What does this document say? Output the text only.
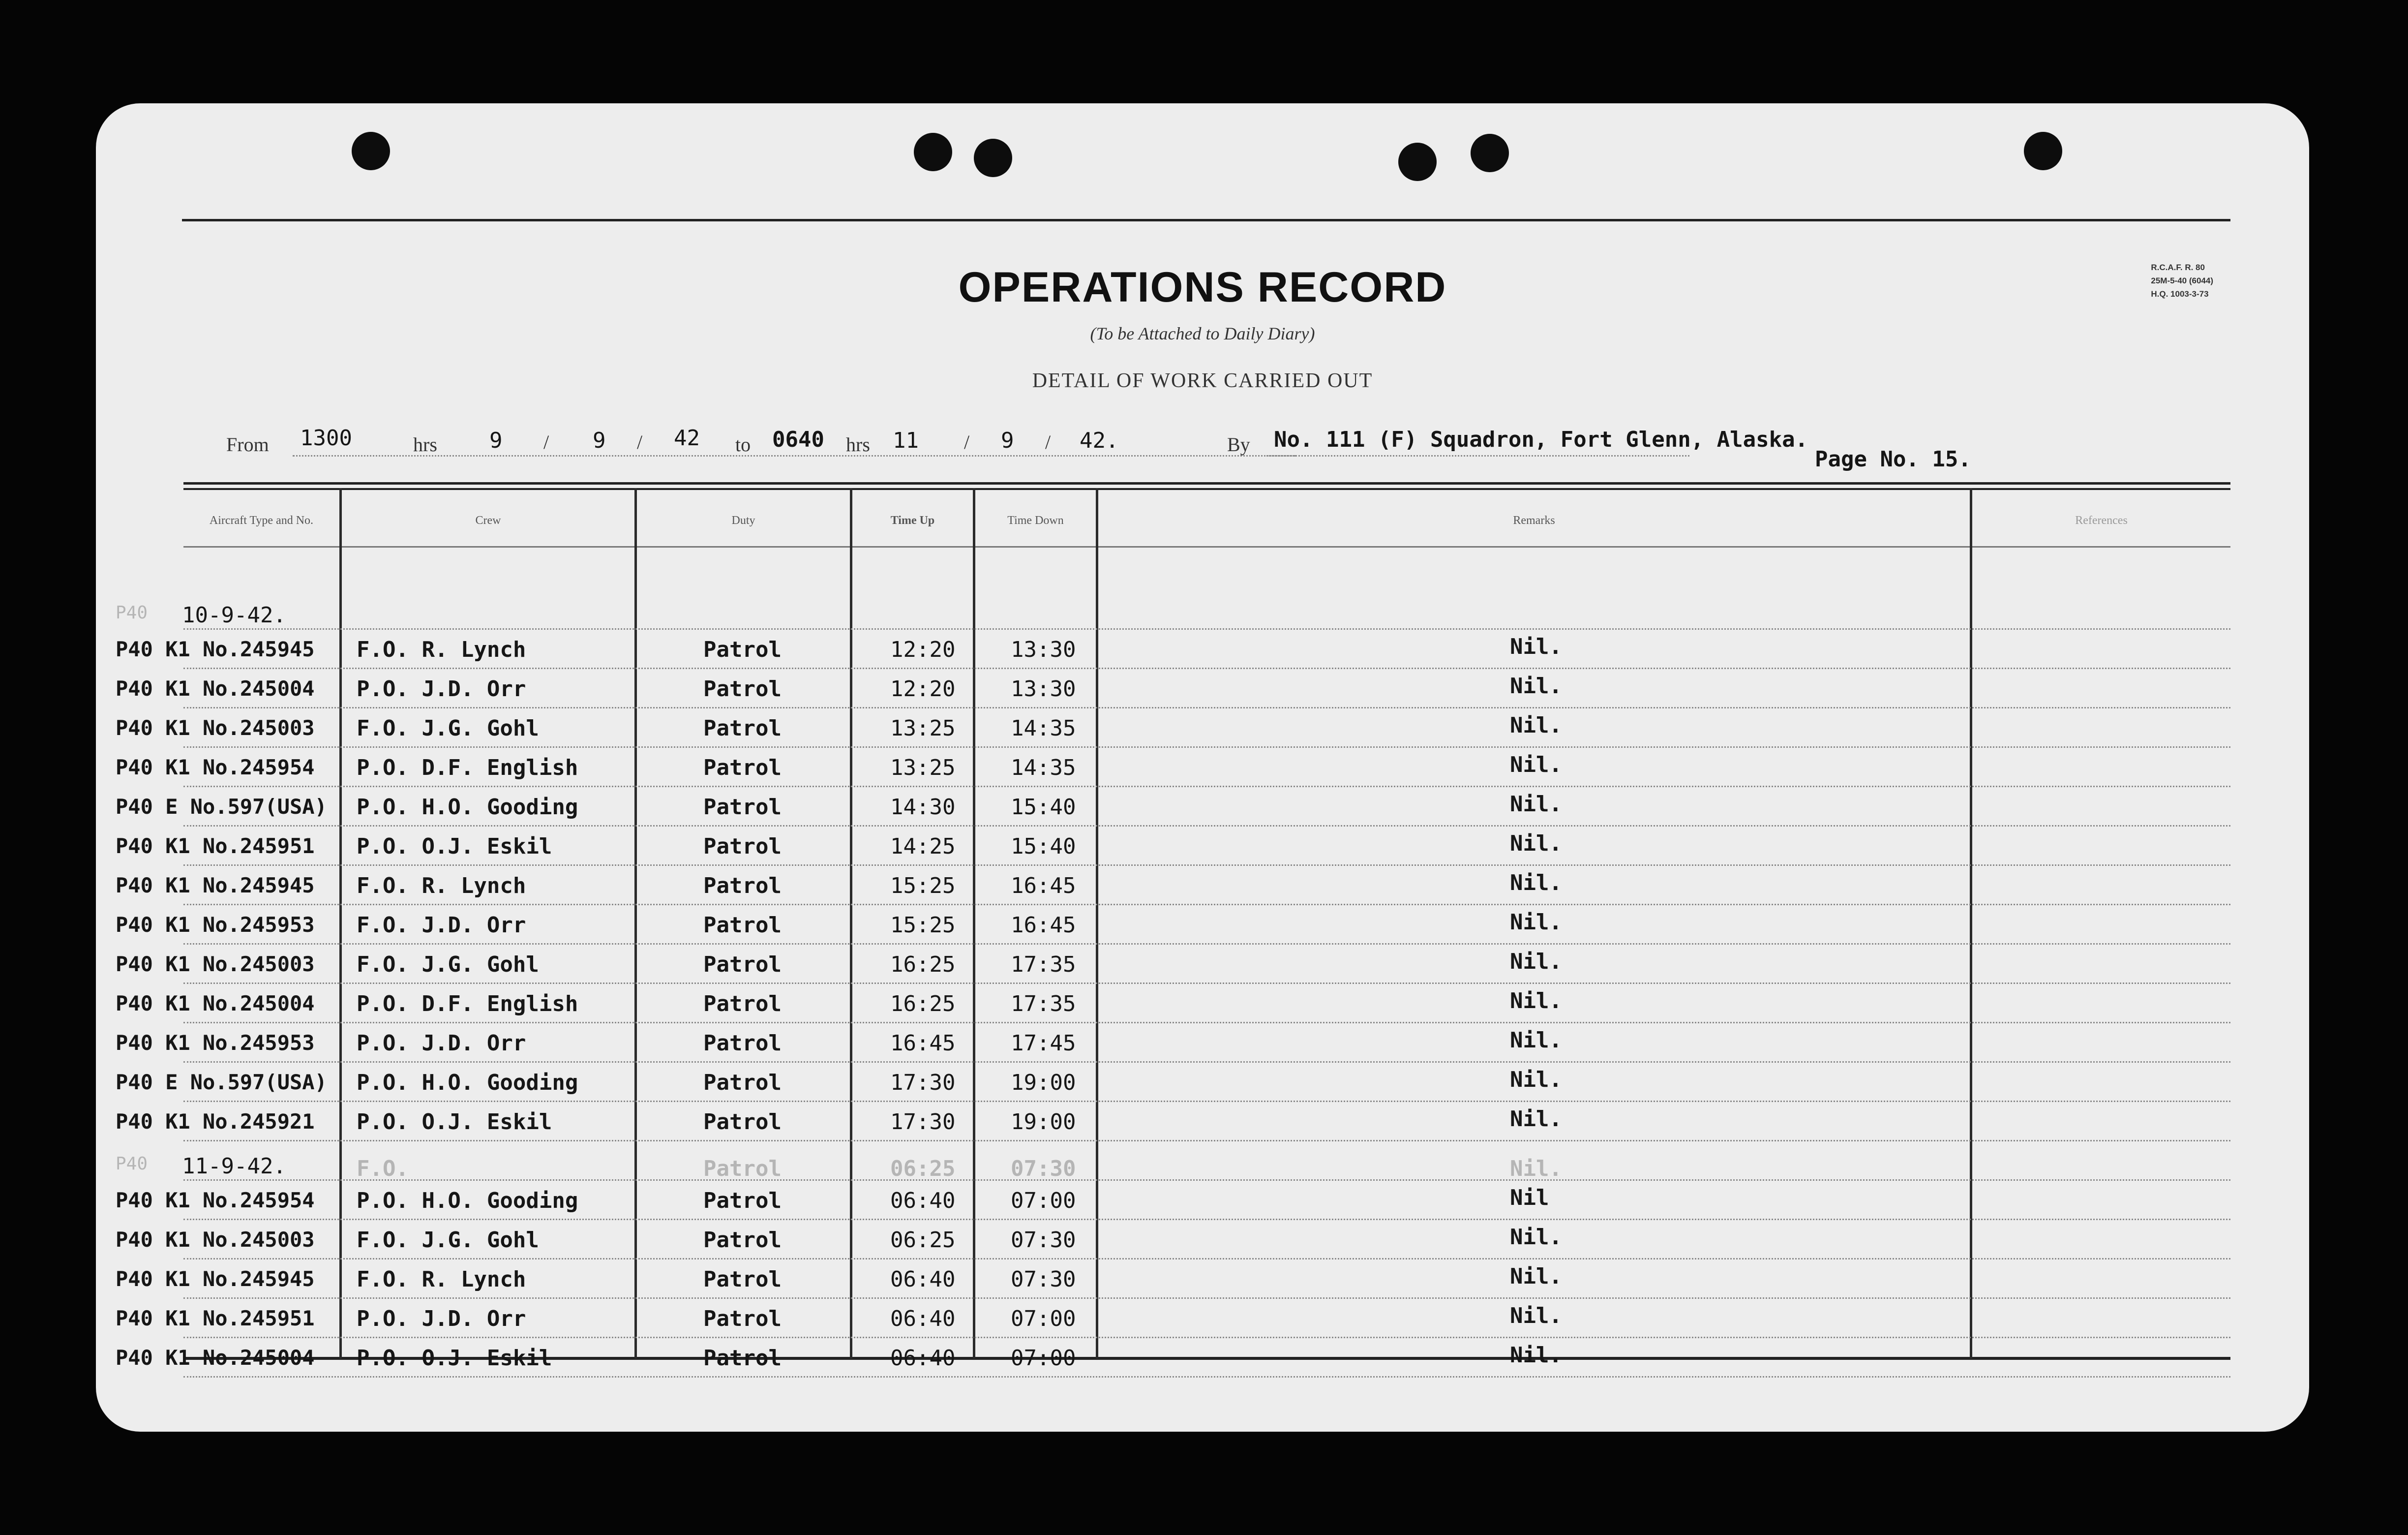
OPERATIONS RECORD
(To be Attached to Daily Diary)
DETAIL OF WORK CARRIED OUT
R.C.A.F. R. 80
25M-5-40 (6044)
H.Q. 1003-3-73
From 1300	hrs 9 / 9 / 42 to 0640 hrs 11 / 9 / 42.	By No. 111 (F) Squadron, Fort Glenn, Alaska.
Page No. 15.
Aircraft Type and No.	Crew	Duty	Time Up	Time Down	Remarks	References
P40 10-9-42.
P40 K1 No.245945 F.O. R. Lynch	Patrol	12:20	13:30	Nil.
P40 K1 No.245004 P.O. J.D. Orr	Patrol	12:20	13:30	Nil.
P40 K1 No.245003 F.O. J.G. Gohl	Patrol	13:25	14:35	Nil.
P40 K1 No.245954 P.O. D.F. English	Patrol	13:25	14:35	Nil.
P40 E No.597(USA) P.O. H.O. Gooding	Patrol	14:30	15:40	Nil.
P40 K1 No.245951 P.O. O.J. Eskil	Patrol	14:25	15:40	Nil.
P40 K1 No.245945 F.O. R. Lynch	Patrol	15:25	16:45	Nil.
P40 K1 No.245953 F.O. J.D. Orr	Patrol	15:25	16:45	Nil.
P40 K1 No.245003 F.O. J.G. Gohl	Patrol	16:25	17:35	Nil.
P40 K1 No.245004 P.O. D.F. English	Patrol	16:25	17:35	Nil.
P40 K1 No.245953 P.O. J.D. Orr	Patrol	16:45	17:45	Nil.
P40 E No.597(USA) P.O. H.O. Gooding	Patrol	17:30	19:00	Nil.
P40 K1 No.245921 P.O. O.J. Eskil	Patrol	17:30	19:00	Nil.
P40 11-9-42.	F.O.	Patrol	06:25	07:30	Nil.
P40 K1 No.245954 P.O. H.O. Gooding	Patrol	06:40	07:00	Nil
P40 K1 No.245003 F.O. J.G. Gohl	Patrol	06:25	07:30	Nil.
P40 K1 No.245945 F.O. R. Lynch	Patrol	06:40	07:30	Nil.
P40 K1 No.245951 P.O. J.D. Orr	Patrol	06:40	07:00	Nil.
P40 K1 No.245004 P.O. O.J. Eskil	Patrol	06:40	07:00	Nil.
